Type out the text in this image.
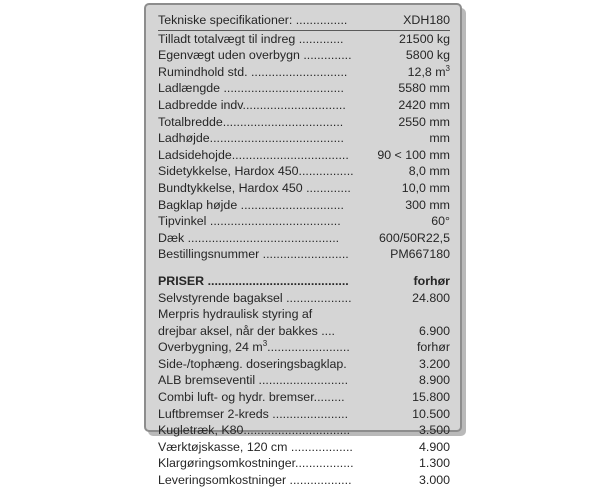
Tekniske specifikationer: ...............	XDH180
Tilladt totalvægt til indreg .............	21500 kg
Egenvægt uden overbygn ..............	5800 kg
Rumindhold std. ............................	12,8 $m^3$
Ladlængde ...................................	5580 mm
Ladbredde indv..............................	2420 mm
Totalbredde...................................	2550 mm
Ladhøjde.......................................	mm
Ladsidehojde..................................	90 < 100 mm
Sidetykkelse, Hardox 450................	8,0 mm
Bundtykkelse, Hardox 450 .............	10,0 mm
Bagklap højde ..............................	300 mm
Tipvinkel ......................................	60°
Dæk ............................................	600/50R22,5
Bestillingsnummer .........................	PM667180

PRISER .........................................	forhør
Selvstyrende bagaksel ...................	24.800
Merpris hydraulisk styring af	
drejbar aksel, når der bakkes ....	6.900
Overbygning, 24 $m^3$........................	forhør
Side-/tophæng. doseringsbagklap.	3.200
ALB bremseventil ..........................	8.900
Combi luft- og hydr. bremser.........	15.800
Luftbremser 2-kreds ......................	10.500
Kugletræk, K80...............................	3.500
Værktøjskasse, 120 cm ..................	4.900
Klargøringsomkostninger.................	1.300
Leveringsomkostninger ..................	3.000
